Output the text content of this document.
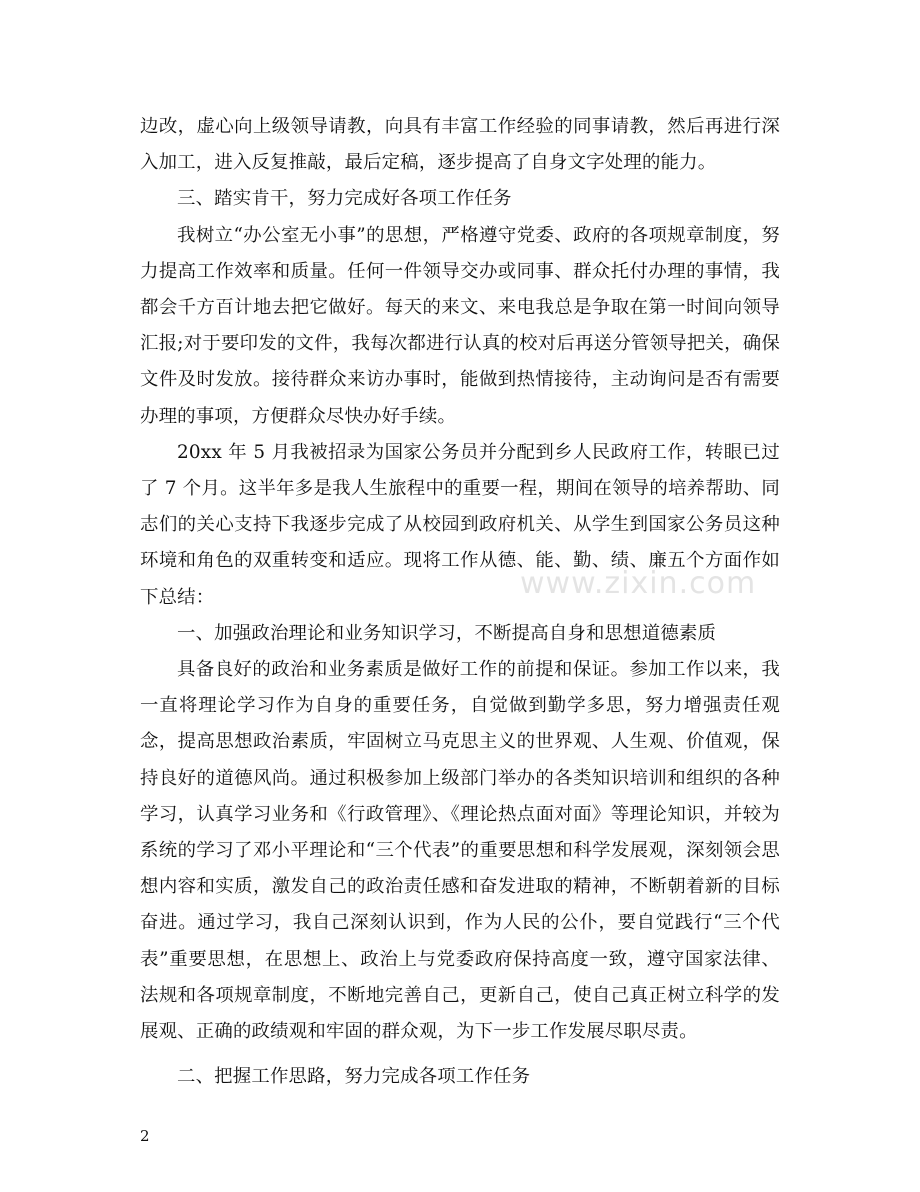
边改，虚心向上级领导请教，向具有丰富工作经验的同事请教，然后再进行深入加工，进入反复推敲，最后定稿，逐步提高了自身文字处理的能力。

三、踏实肯干，努力完成好各项工作任务

我树立“办公室无小事”的思想，严格遵守党委、政府的各项规章制度，努力提高工作效率和质量。任何一件领导交办或同事、群众托付办理的事情，我都会千方百计地去把它做好。每天的来文、来电我总是争取在第一时间向领导汇报;对于要印发的文件，我每次都进行认真的校对后再送分管领导把关，确保文件及时发放。接待群众来访办事时，能做到热情接待，主动询问是否有需要办理的事项，方便群众尽快办好手续。

20xx 年 5 月我被招录为国家公务员并分配到乡人民政府工作，转眼已过了 7 个月。这半年多是我人生旅程中的重要一程，期间在领导的培养帮助、同志们的关心支持下我逐步完成了从校园到政府机关、从学生到国家公务员这种环境和角色的双重转变和适应。现将工作从德、能、勤、绩、廉五个方面作如下总结：

一、加强政治理论和业务知识学习，不断提高自身和思想道德素质

具备良好的政治和业务素质是做好工作的前提和保证。参加工作以来，我一直将理论学习作为自身的重要任务，自觉做到勤学多思，努力增强责任观念，提高思想政治素质，牢固树立马克思主义的世界观、人生观、价值观，保持良好的道德风尚。通过积极参加上级部门举办的各类知识培训和组织的各种学习，认真学习业务和《行政管理》、《理论热点面对面》等理论知识，并较为系统的学习了邓小平理论和“三个代表”的重要思想和科学发展观，深刻领会思想内容和实质，激发自己的政治责任感和奋发进取的精神，不断朝着新的目标奋进。通过学习，我自己深刻认识到，作为人民的公仆，要自觉践行“三个代表”重要思想，在思想上、政治上与党委政府保持高度一致，遵守国家法律、法规和各项规章制度，不断地完善自己，更新自己，使自己真正树立科学的发展观、正确的政绩观和牢固的群众观，为下一步工作发展尽职尽责。

二、把握工作思路，努力完成各项工作任务

www.zixin.com
2
